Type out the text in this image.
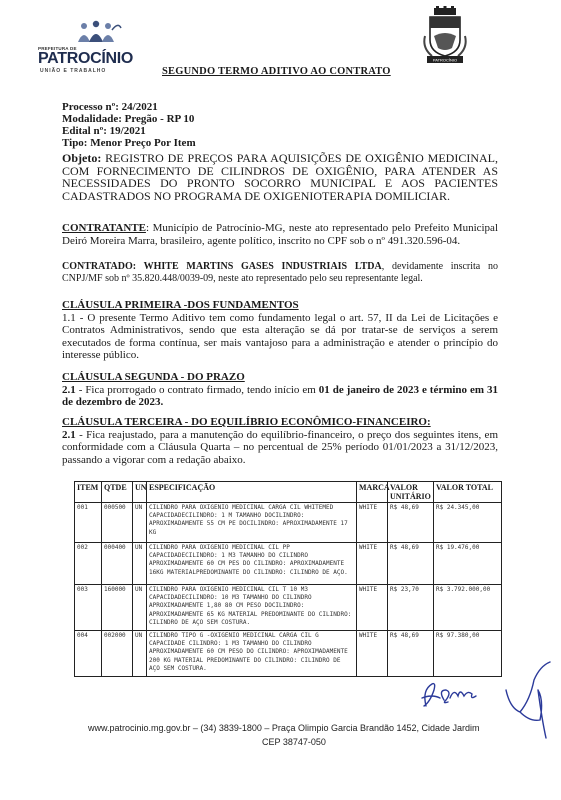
PREFEITURA DE
PATROCÍNIO
UNIÃO E TRABALHO
PATROCÍNIO
SEGUNDO TERMO ADITIVO AO CONTRATO
Processo nº: 24/2021
Modalidade: Pregão - RP 10
Edital nº: 19/2021
Tipo: Menor Preço Por Item
Objeto: REGISTRO DE PREÇOS PARA AQUISIÇÕES DE OXIGÊNIO MEDICINAL, COM FORNECIMENTO DE CILINDROS DE OXIGÊNIO, PARA ATENDER AS NECESSIDADES DO PRONTO SOCORRO MUNICIPAL E AOS PACIENTES CADASTRADOS NO PROGRAMA DE OXIGENIOTERAPIA DOMILICIAR.
CONTRATANTE: Município de Patrocínio-MG, neste ato representado pelo Prefeito Municipal Deiró Moreira Marra, brasileiro, agente político, inscrito no CPF sob o nº 491.320.596-04.
CONTRATADO: WHITE MARTINS GASES INDUSTRIAIS LTDA, devidamente inscrita no CNPJ/MF sob nº 35.820.448/0039-09, neste ato representado pelo seu representante legal.
CLÁUSULA PRIMEIRA -DOS FUNDAMENTOS
1.1 - O presente Termo Aditivo tem como fundamento legal o art. 57, II da Lei de Licitações e Contratos Administrativos, sendo que esta alteração se dá por tratar-se de serviços a serem executados de forma contínua, ser mais vantajoso para a administração e atender o princípio do interesse público.
CLÁUSULA SEGUNDA - DO PRAZO
2.1 - Fica prorrogado o contrato firmado, tendo início em 01 de janeiro de 2023 e término em 31 de dezembro de 2023.
CLÁUSULA TERCEIRA - DO EQUILÍBRIO ECONÔMICO-FINANCEIRO:
2.1 - Fica reajustado, para a manutenção do equilíbrio-financeiro, o preço dos seguintes itens, em conformidade com a Cláusula Quarta – no percentual de 25% período 01/01/2023 a 31/12/2023, passando a vigorar com a redação abaixo.
ITEM	QTDE	UN	ESPECIFICAÇÃO	MARCA	VALOR UNITÁRIO	VALOR TOTAL
001	000500	UN	CILINDRO PARA OXIGENIO MEDICINAL CARGA CIL WHITEMED CAPACIDADECILINDRO: 1 M TAMANHO DOCILINDRO: APROXIMADAMENTE 55 CM PE DOCILINDRO: APROXIMADAMENTE 17 KG	WHITE	R$ 48,69	R$ 24.345,00
002	000400	UN	CILINDRO PARA OXIGENIO MEDICINAL CIL PP CAPACIDADECILINDRO: 1 M3 TAMANHO DO CILINDRO APROXIMADAMENTE 60 CM PES DO CILINDRO: APROXIMADAMENTE 16KG MATERIALPREDOMINANTE DO CILINDRO: CILINDRO DE AÇO.	WHITE	R$ 48,69	R$ 19.476,00
003	160000	UN	CILINDRO PARA OXIGENIO MEDICINAL CIL T 10 M3 CAPACIDADECILINDRO: 10 M3 TAMANHO DO CILINDRO APROXIMADAMENTE 1,80 80 CM PESO DOCILINDRO: APROXIMADAMENTE 65 KG MATERIAL PREDOMINANTE DO CILINDRO: CILINDRO DE AÇO SEM COSTURA.	WHITE	R$ 23,70	R$ 3.792.000,00
004	002000	UN	CILINDRO TIPO G -OXIGENIO MEDICINAL CARGA CIL G CAPACIDADE CILINDRO: 1 M3 TAMANHO DO CILINDRO APROXIMADAMENTE 60 CM PESO DO CILINDRO: APROXIMADAMENTE 200 KG MATERIAL PREDOMINANTE DO CILINDRO: CILINDRO DE AÇO SEM COSTURA.	WHITE	R$ 48,69	R$ 97.380,00
www.patrocinio.mg.gov.br – (34) 3839-1800 – Praça Olimpio Garcia Brandão 1452, Cidade Jardim
CEP 38747-050
